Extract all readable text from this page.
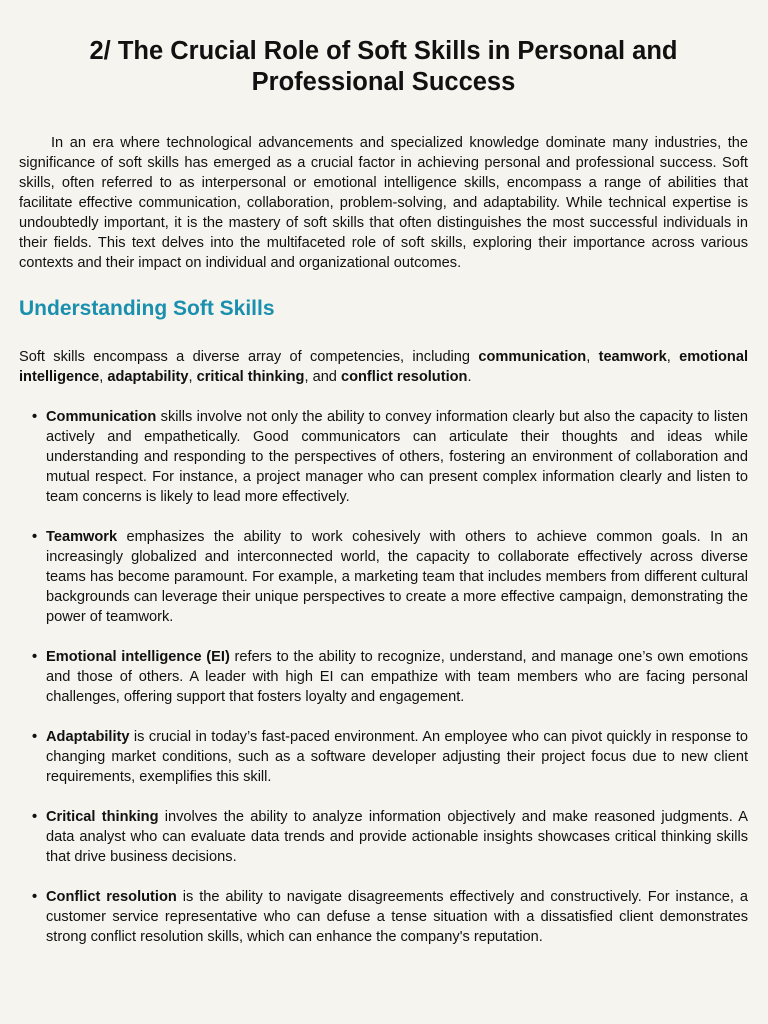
2/ The Crucial Role of Soft Skills in Personal and Professional Success

In an era where technological advancements and specialized knowledge dominate many industries, the significance of soft skills has emerged as a crucial factor in achieving personal and professional success. Soft skills, often referred to as interpersonal or emotional intelligence skills, encompass a range of abilities that facilitate effective communication, collaboration, problem-solving, and adaptability. While technical expertise is undoubtedly important, it is the mastery of soft skills that often distinguishes the most successful individuals in their fields. This text delves into the multifaceted role of soft skills, exploring their importance across various contexts and their impact on individual and organizational outcomes.

Understanding Soft Skills

Soft skills encompass a diverse array of competencies, including communication, teamwork, emotional intelligence, adaptability, critical thinking, and conflict resolution.

• Communication skills involve not only the ability to convey information clearly but also the capacity to listen actively and empathetically. Good communicators can articulate their thoughts and ideas while understanding and responding to the perspectives of others, fostering an environment of collaboration and mutual respect. For instance, a project manager who can present complex information clearly and listen to team concerns is likely to lead more effectively.
• Teamwork emphasizes the ability to work cohesively with others to achieve common goals. In an increasingly globalized and interconnected world, the capacity to collaborate effectively across diverse teams has become paramount. For example, a marketing team that includes members from different cultural backgrounds can leverage their unique perspectives to create a more effective campaign, demonstrating the power of teamwork.
• Emotional intelligence (EI) refers to the ability to recognize, understand, and manage one’s own emotions and those of others. A leader with high EI can empathize with team members who are facing personal challenges, offering support that fosters loyalty and engagement.
• Adaptability is crucial in today’s fast-paced environment. An employee who can pivot quickly in response to changing market conditions, such as a software developer adjusting their project focus due to new client requirements, exemplifies this skill.
• Critical thinking involves the ability to analyze information objectively and make reasoned judgments. A data analyst who can evaluate data trends and provide actionable insights showcases critical thinking skills that drive business decisions.
• Conflict resolution is the ability to navigate disagreements effectively and constructively. For instance, a customer service representative who can defuse a tense situation with a dissatisfied client demonstrates strong conflict resolution skills, which can enhance the company's reputation.
